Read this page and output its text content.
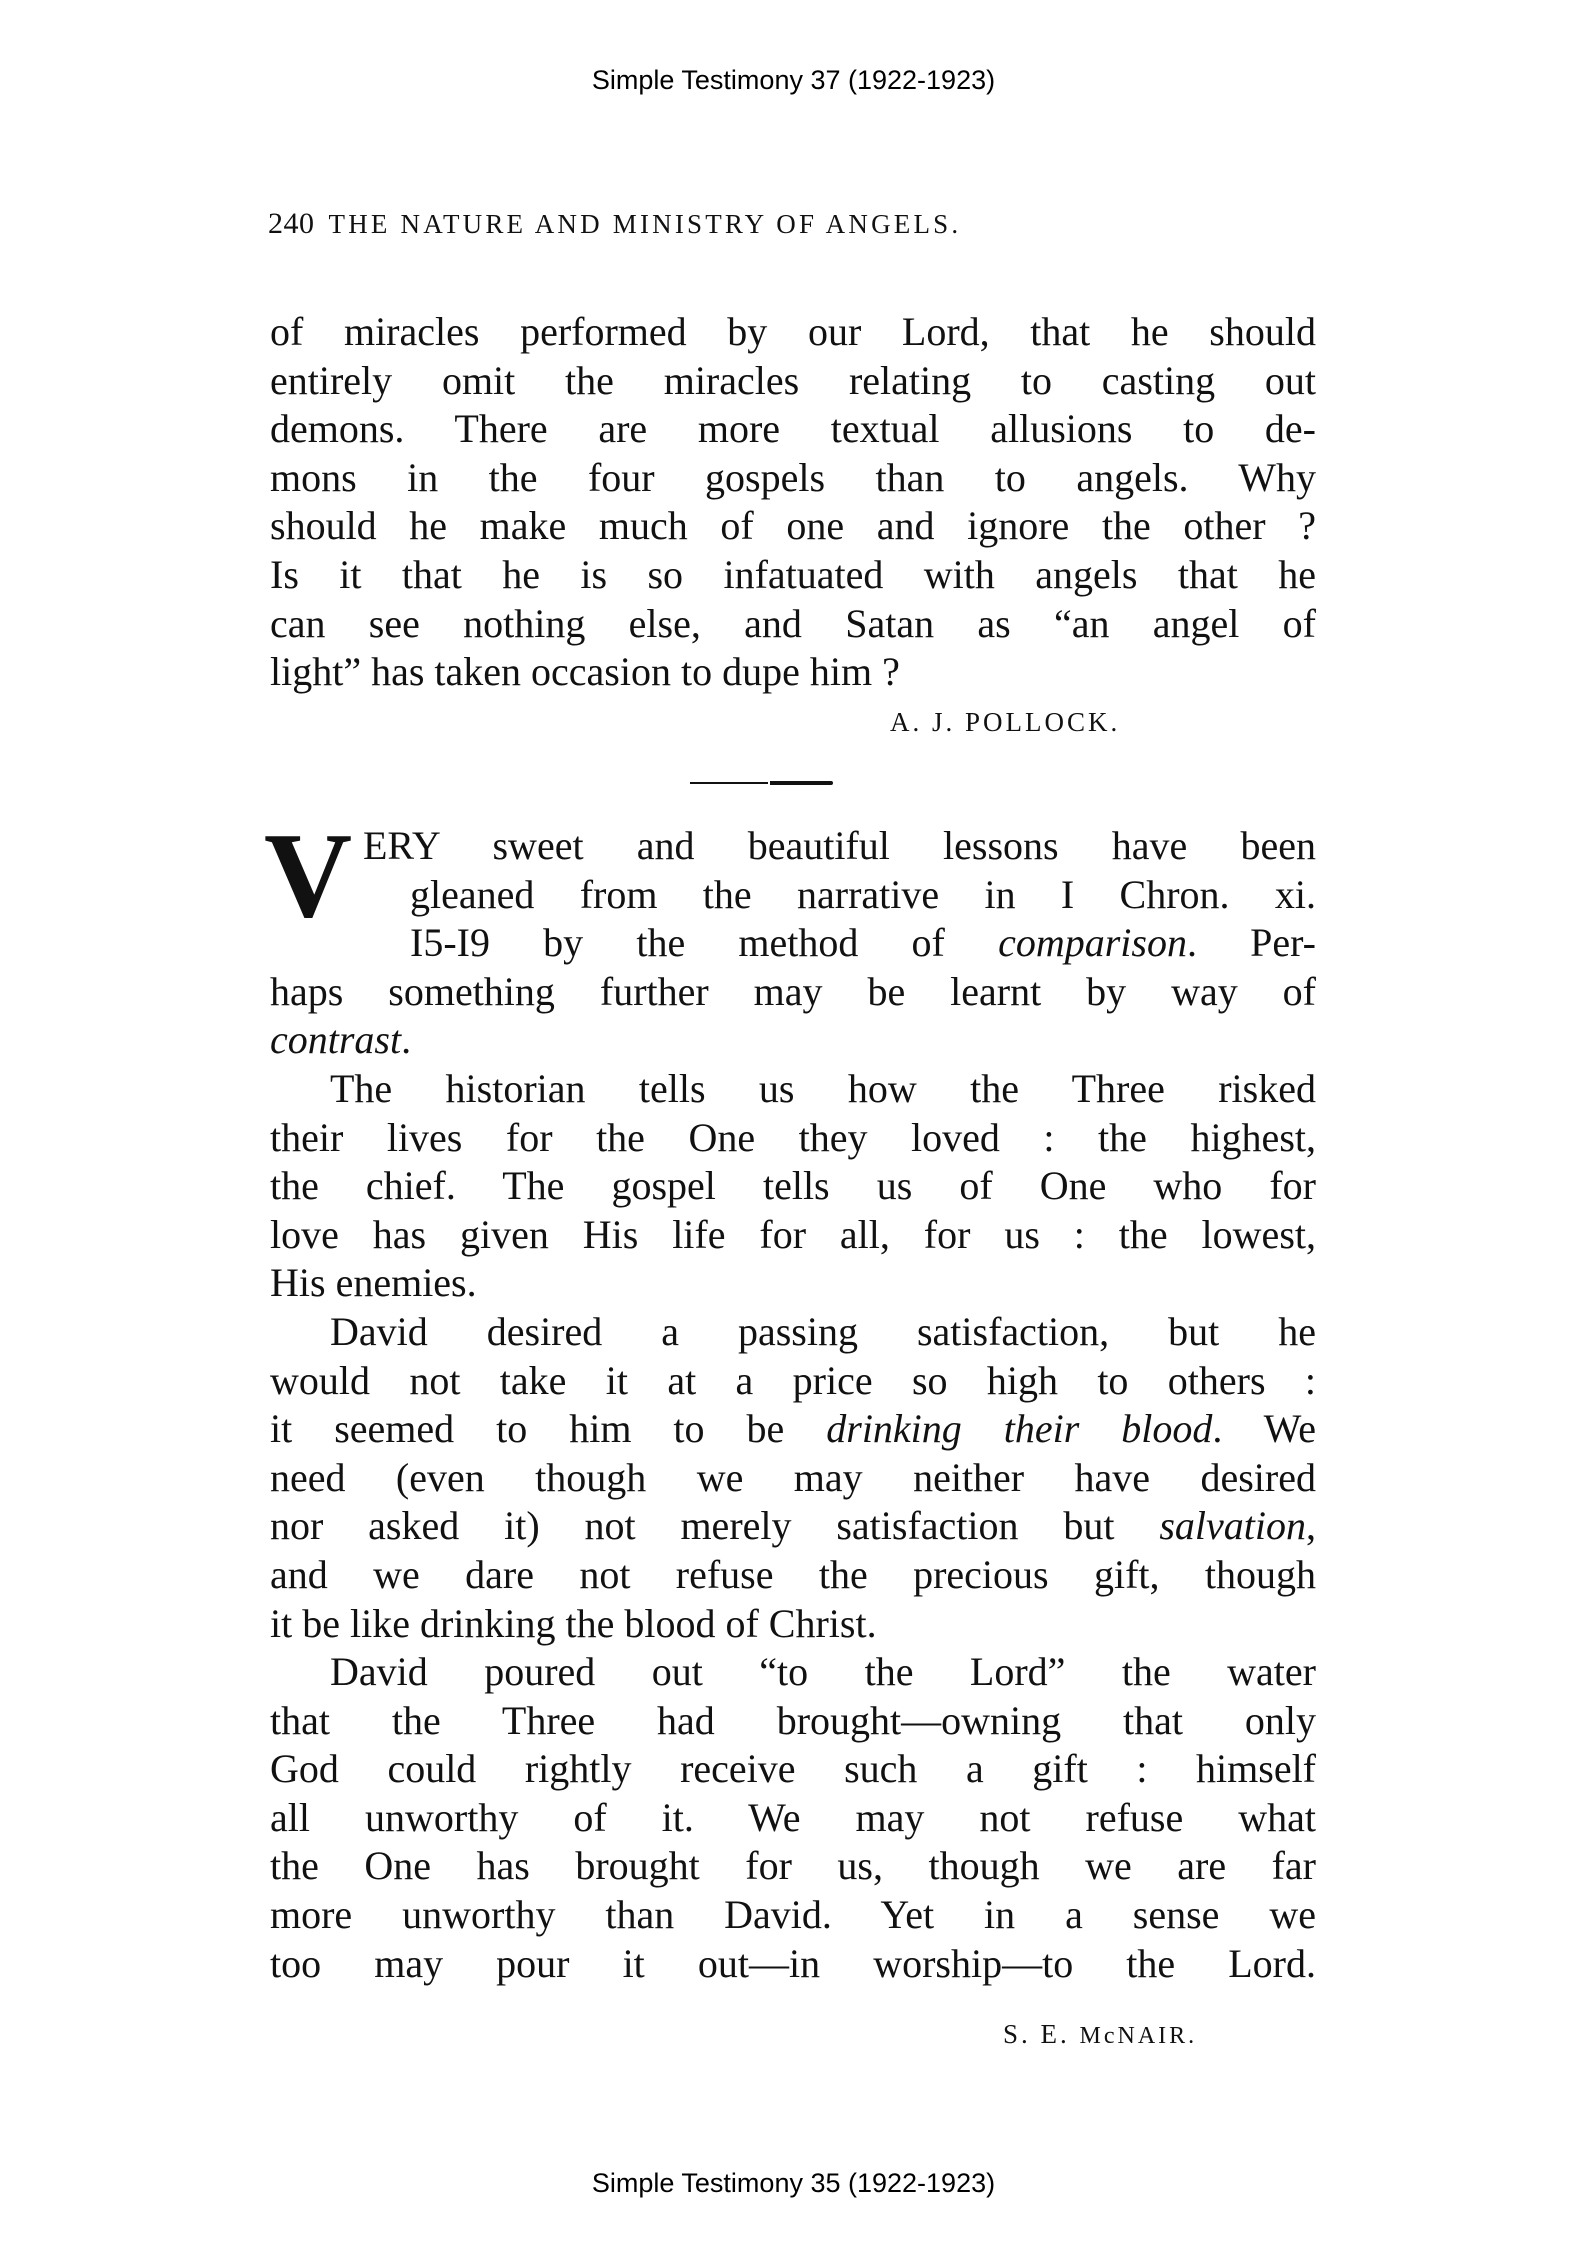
Simple Testimony 37 (1922-1923)
240 THE NATURE AND MINISTRY OF ANGELS.
of miracles performed by our Lord, that he should
entirely omit the miracles relating to casting out
demons. There are more textual allusions to de-
mons in the four gospels than to angels. Why
should he make much of one and ignore the other ?
Is it that he is so infatuated with angels that he
can see nothing else, and Satan as “an angel of
light” has taken occasion to dupe him ?
A. J. POLLOCK.
V ERY sweet and beautiful lessons have been
gleaned from the narrative in I Chron. xi.
I5-I9 by the method of comparison. Per-
haps something further may be learnt by way of
contrast.
The historian tells us how the Three risked
their lives for the One they loved : the highest,
the chief. The gospel tells us of One who for
love has given His life for all, for us : the lowest,
His enemies.
David desired a passing satisfaction, but he
would not take it at a price so high to others :
it seemed to him to be drinking their blood. We
need (even though we may neither have desired
nor asked it) not merely satisfaction but salvation,
and we dare not refuse the precious gift, though
it be like drinking the blood of Christ.
David poured out “to the Lord” the water
that the Three had brought—owning that only
God could rightly receive such a gift : himself
all unworthy of it. We may not refuse what
the One has brought for us, though we are far
more unworthy than David. Yet in a sense we
too may pour it out—in worship—to the Lord.
S. E. McNAIR.
Simple Testimony 35 (1922-1923)
